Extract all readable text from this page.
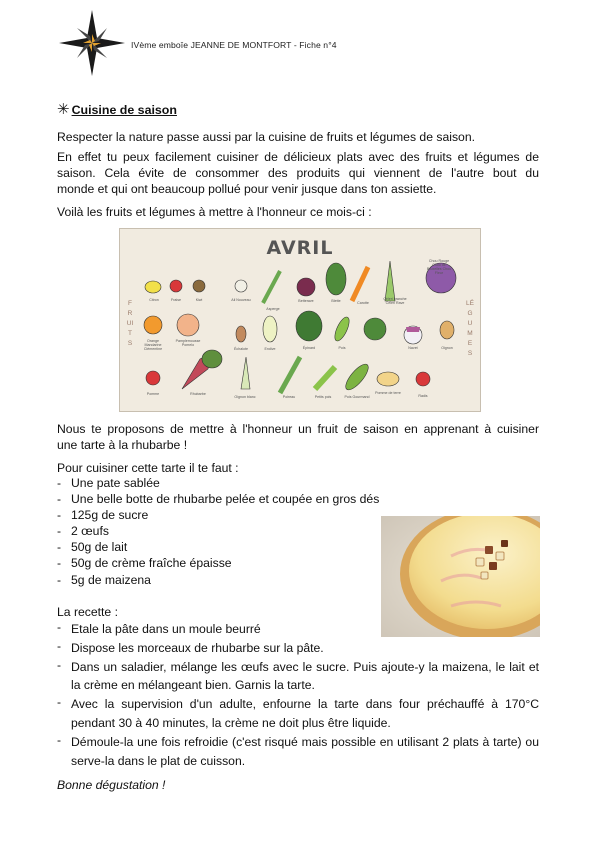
IVème emboîe JEANNE DE MONTFORT - Fiche n°4
✳ Cuisine de saison
Respecter la nature passe aussi par la cuisine de fruits et légumes de saison.
En effet tu peux facilement cuisiner de délicieux plats avec des fruits et légumes de
saison. Cela évite de consommer des produits qui viennent de l'autre bout du
monde et qui ont beaucoup pollué pour venir jusque dans ton assiette.
Voilà les fruits et légumes à mettre à l'honneur ce mois-ci :
AVRIL
FRUITS
LÉGUMES
Citron	Fraise	Kiwi
Orange Mandarine Clémentine
Pamplemousse Pomelo
Pomme	Rhubarbe
Ail Nouveau
Asperge
Betterave	Blette	Carotte
Céleri branche Céleri Rave
Chou Rouge Chou de Bruxelles Chou Fleur
Échalote	Endive	Épinard	Pois	Navet
Radis
Oignon
Oignon blanc	Poireau	Petits pois	Pois Gourmand
Pomme de terre
Nous te proposons de mettre à l'honneur un fruit de saison en apprenant à cuisiner
une tarte à la rhubarbe !
Pour cuisiner cette tarte il te faut :
- Une pate sablée
- Une belle botte de rhubarbe pelée et coupée en gros dés
- 125g de sucre
- 2 œufs
- 50g de lait
- 50g de crème fraîche épaisse
- 5g de maizena
La recette :
- Etale la pâte dans un moule beurré
- Dispose les morceaux de rhubarbe sur la pâte.
- Dans un saladier, mélange les œufs avec le sucre. Puis ajoute-y la maizena, le lait et la crème en mélangeant bien. Garnis la tarte.
- Avec la supervision d'un adulte, enfourne la tarte dans four préchauffé à 170°C pendant 30 à 40 minutes, la crème ne doit plus être liquide.
- Démoule-la une fois refroidie (c'est risqué mais possible en utilisant 2 plats à tarte) ou serve-la dans le plat de cuisson.
Bonne dégustation !
